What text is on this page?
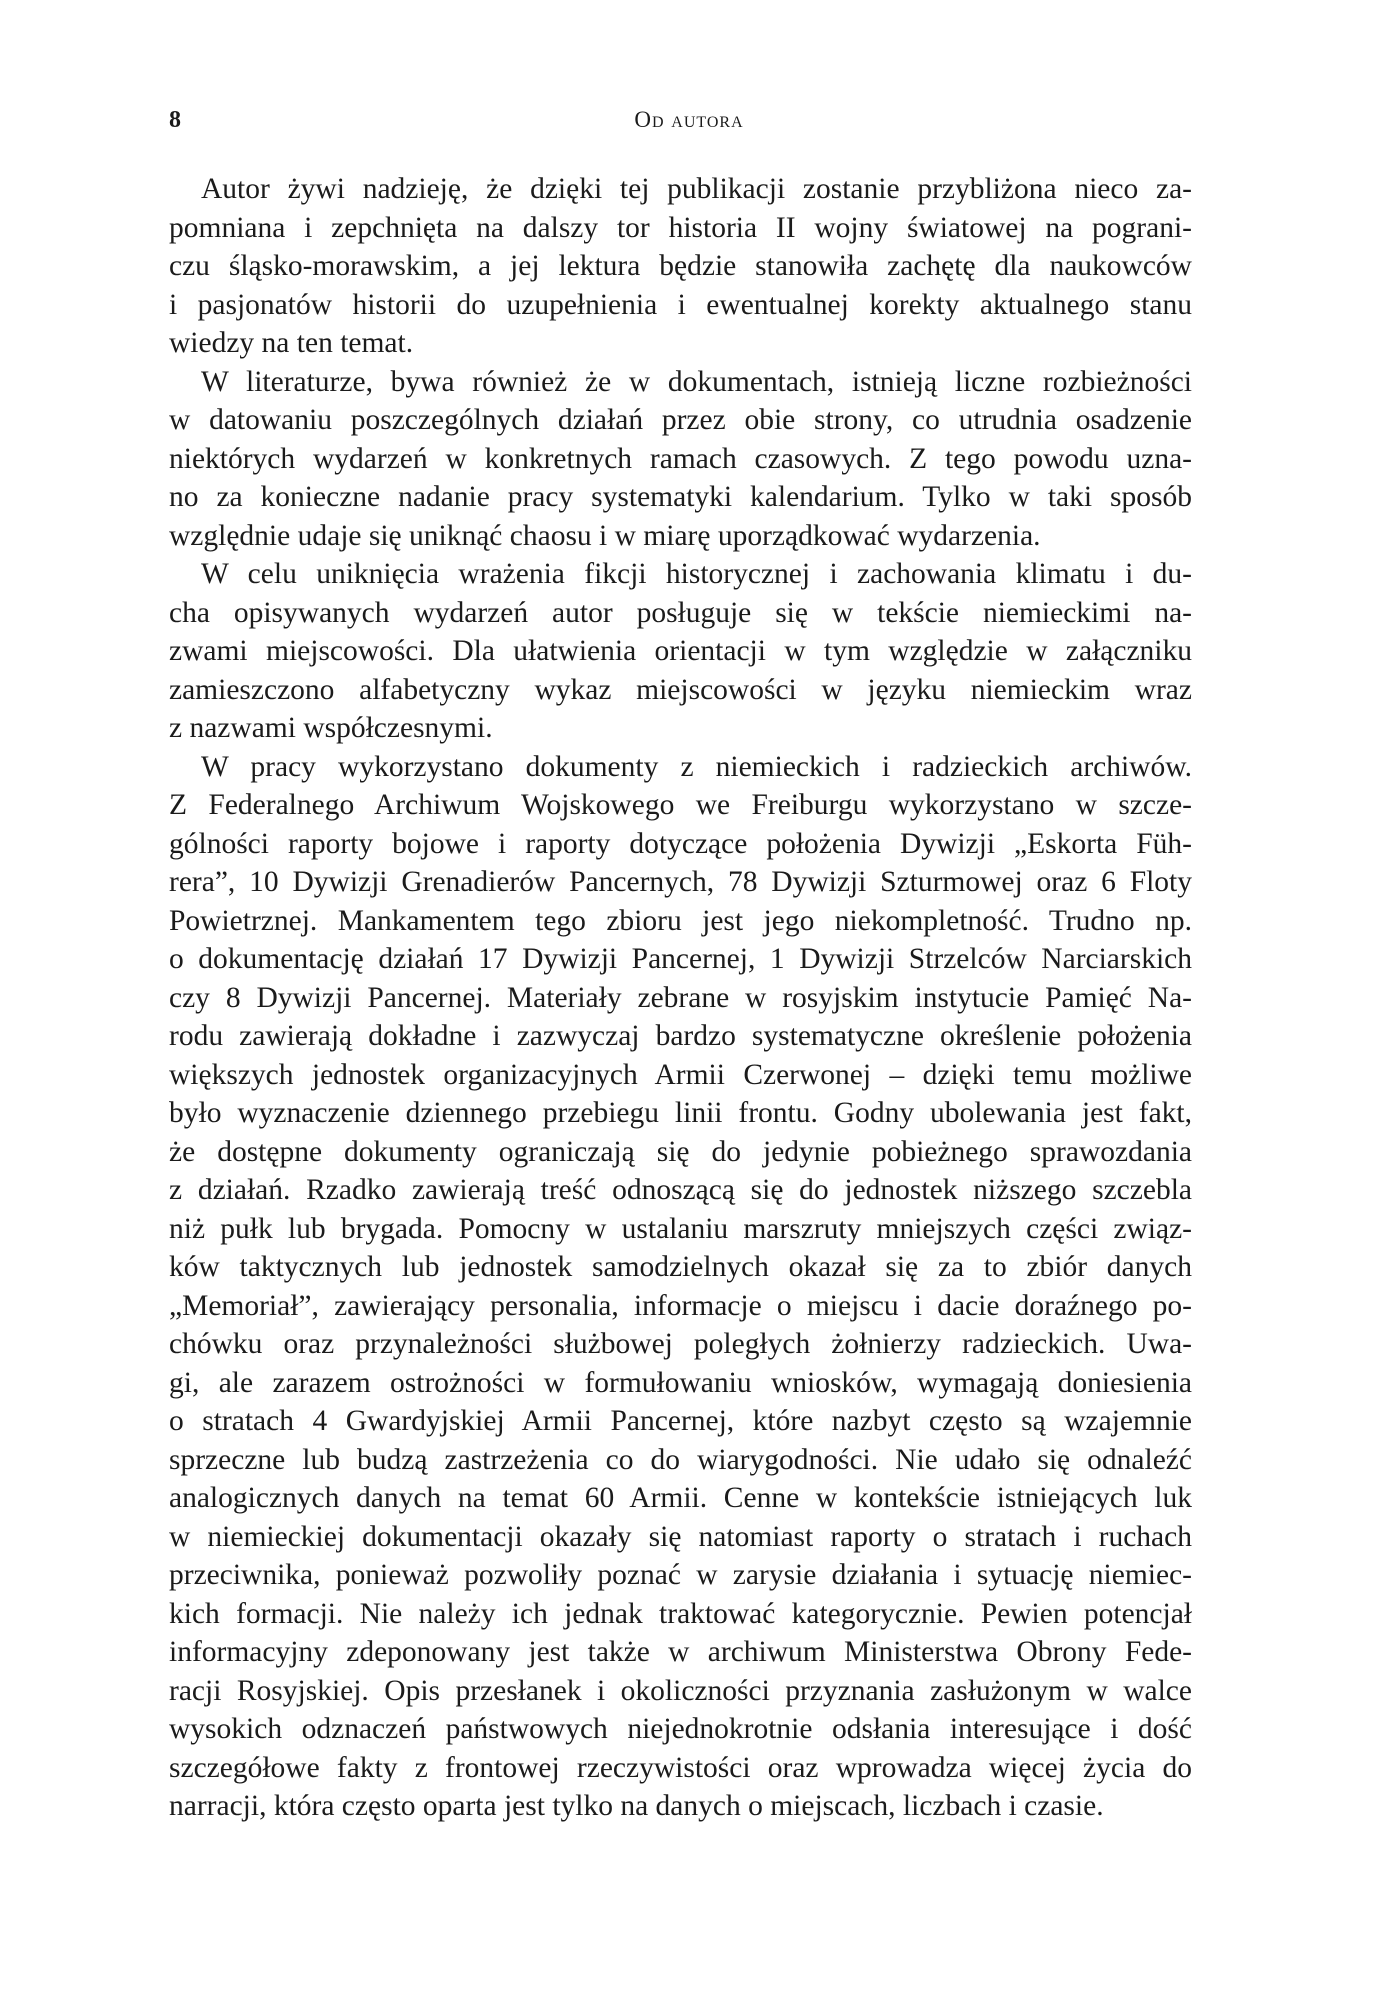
8	Od autora

Autor żywi nadzieję, że dzięki tej publikacji zostanie przybliżona nieco za-
pomniana i zepchnięta na dalszy tor historia II wojny światowej na pograni-
czu śląsko-morawskim, a jej lektura będzie stanowiła zachętę dla naukowców
i pasjonatów historii do uzupełnienia i ewentualnej korekty aktualnego stanu
wiedzy na ten temat.

W literaturze, bywa również że w dokumentach, istnieją liczne rozbieżności
w datowaniu poszczególnych działań przez obie strony, co utrudnia osadzenie
niektórych wydarzeń w konkretnych ramach czasowych. Z tego powodu uzna-
no za konieczne nadanie pracy systematyki kalendarium. Tylko w taki sposób
względnie udaje się uniknąć chaosu i w miarę uporządkować wydarzenia.

W celu uniknięcia wrażenia fikcji historycznej i zachowania klimatu i du-
cha opisywanych wydarzeń autor posługuje się w tekście niemieckimi na-
zwami miejscowości. Dla ułatwienia orientacji w tym względzie w załączniku
zamieszczono alfabetyczny wykaz miejscowości w języku niemieckim wraz
z nazwami współczesnymi.

W pracy wykorzystano dokumenty z niemieckich i radzieckich archiwów.
Z Federalnego Archiwum Wojskowego we Freiburgu wykorzystano w szcze-
gólności raporty bojowe i raporty dotyczące położenia Dywizji „Eskorta Füh-
rera”, 10 Dywizji Grenadierów Pancernych, 78 Dywizji Szturmowej oraz 6 Floty
Powietrznej. Mankamentem tego zbioru jest jego niekompletność. Trudno np.
o dokumentację działań 17 Dywizji Pancernej, 1 Dywizji Strzelców Narciarskich
czy 8 Dywizji Pancernej. Materiały zebrane w rosyjskim instytucie Pamięć Na-
rodu zawierają dokładne i zazwyczaj bardzo systematyczne określenie położenia
większych jednostek organizacyjnych Armii Czerwonej – dzięki temu możliwe
było wyznaczenie dziennego przebiegu linii frontu. Godny ubolewania jest fakt,
że dostępne dokumenty ograniczają się do jedynie pobieżnego sprawozdania
z działań. Rzadko zawierają treść odnoszącą się do jednostek niższego szczebla
niż pułk lub brygada. Pomocny w ustalaniu marszruty mniejszych części związ-
ków taktycznych lub jednostek samodzielnych okazał się za to zbiór danych
„Memoriał”, zawierający personalia, informacje o miejscu i dacie doraźnego po-
chówku oraz przynależności służbowej poległych żołnierzy radzieckich. Uwa-
gi, ale zarazem ostrożności w formułowaniu wniosków, wymagają doniesienia
o stratach 4 Gwardyjskiej Armii Pancernej, które nazbyt często są wzajemnie
sprzeczne lub budzą zastrzeżenia co do wiarygodności. Nie udało się odnaleźć
analogicznych danych na temat 60 Armii. Cenne w kontekście istniejących luk
w niemieckiej dokumentacji okazały się natomiast raporty o stratach i ruchach
przeciwnika, ponieważ pozwoliły poznać w zarysie działania i sytuację niemiec-
kich formacji. Nie należy ich jednak traktować kategorycznie. Pewien potencjał
informacyjny zdeponowany jest także w archiwum Ministerstwa Obrony Fede-
racji Rosyjskiej. Opis przesłanek i okoliczności przyznania zasłużonym w walce
wysokich odznaczeń państwowych niejednokrotnie odsłania interesujące i dość
szczegółowe fakty z frontowej rzeczywistości oraz wprowadza więcej życia do
narracji, która często oparta jest tylko na danych o miejscach, liczbach i czasie.
